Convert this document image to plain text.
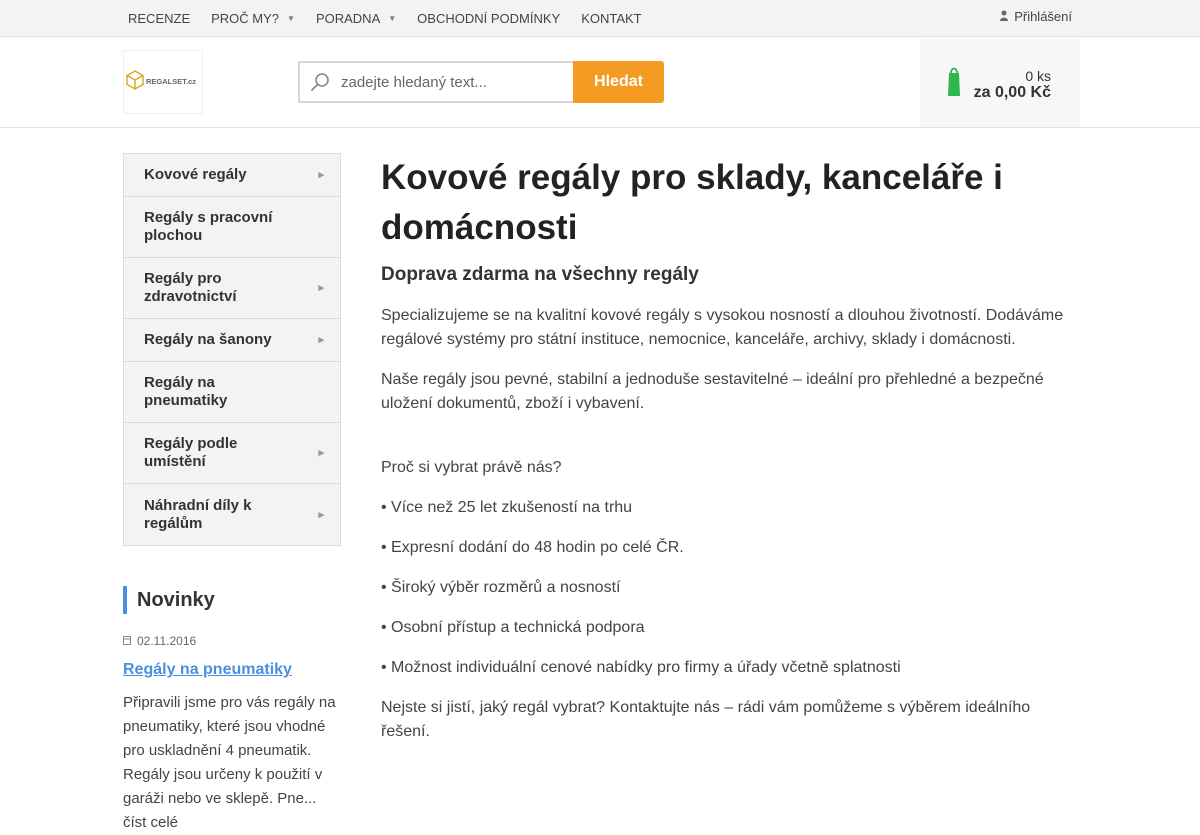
RECENZE PROČ MY? ▼ PORADNA ▼ OBCHODNÍ PODMÍNKY KONTAKT	Přihlášení
REGALSET.cz
zadejte hledaný text...	Hledat	0 ks
za 0,00 Kč
Kovové regály	▸
Regály s pracovní plochou
Regály pro zdravotnictví	▸
Regály na šanony	▸
Regály na pneumatiky
Regály podle umístění	▸
Náhradní díly k regálům	▸
Novinky
02.11.2016
Regály na pneumatiky

Připravili jsme pro vás regály na pneumatiky, které jsou vhodné pro uskladnění 4 pneumatik. Regály jsou určeny k použití v garáži nebo ve sklepě. Pne... číst celé

Kovové regály pro sklady, kanceláře i domácnosti
Doprava zdarma na všechny regály

Specializujeme se na kvalitní kovové regály s vysokou nosností a dlouhou životností. Dodáváme regálové systémy pro státní instituce, nemocnice, kanceláře, archivy, sklady i domácnosti.

Naše regály jsou pevné, stabilní a jednoduše sestavitelné – ideální pro přehledné a bezpečné uložení dokumentů, zboží i vybavení.

Proč si vybrat právě nás?

• Více než 25 let zkušeností na trhu

• Expresní dodání do 48 hodin po celé ČR.

• Široký výběr rozměrů a nosností

• Osobní přístup a technická podpora

• Možnost individuální cenové nabídky pro firmy a úřady včetně splatnosti

Nejste si jistí, jaký regál vybrat? Kontaktujte nás – rádi vám pomůžeme s výběrem ideálního řešení.
